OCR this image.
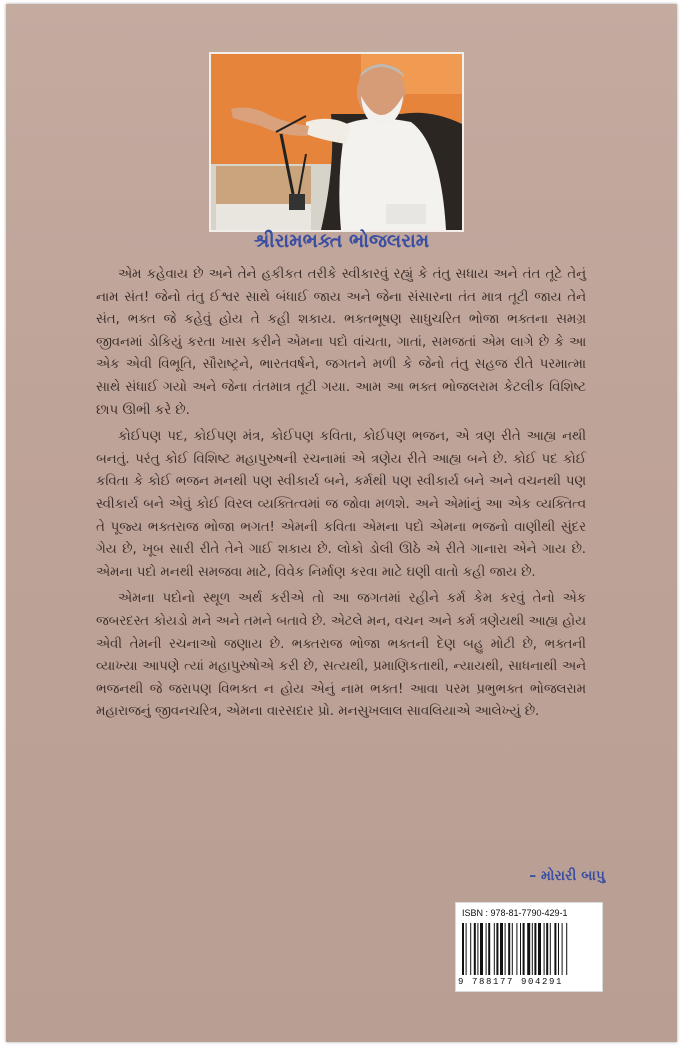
શ્રીરામભક્ત ભોજલરામ

એમ કહેવાય છે અને તેને હકીકત તરીકે સ્વીકારવું રહ્યું કે તંતુ સધાય અને તંત તૂટે તેનું નામ સંત! જેનો તંતુ ઈશ્વર સાથે બંધાઈ જાય અને જેના સંસારના તંત માત્ર તૂટી જાય તેને સંત, ભક્ત જે કહેવું હોય તે કહી શકાય. ભક્તભૂષણ સાધુચરિત ભોજા ભક્તના સમગ્ર જીવનમાં ડોકિયું કરતા ખાસ કરીને એમના પદો વાંચતા, ગાતાં, સમજતાં એમ લાગે છે કે આ એક એવી વિભૂતિ, સૌરાષ્ટ્રને, ભારતવર્ષને, જગતને મળી કે જેનો તંતુ સહજ રીતે પરમાત્મા સાથે સંધાઈ ગયો અને જેના તંતમાત્ર તૂટી ગયા. આમ આ ભક્ત ભોજલરામ કેટલીક વિશિષ્ટ છાપ ઊભી કરે છે.

કોઈપણ પદ, કોઈપણ મંત્ર, કોઈપણ કવિતા, કોઈપણ ભજન, એ ત્રણ રીતે આહ્ય નથી બનતું. પરંતુ કોઈ વિશિષ્ટ મહાપુરુષની રચનામાં એ ત્રણેય રીતે આહ્ય બને છે. કોઈ પદ કોઈ કવિતા કે કોઈ ભજન મનથી પણ સ્વીકાર્ય બને, કર્મથી પણ સ્વીકાર્ય બને અને વચનથી પણ સ્વીકાર્ય બને એવું કોઈ વિરલ વ્યક્તિત્વમાં જ જોવા મળશે. અને એમાંનું આ એક વ્યક્તિત્વ તે પૂજ્ય ભક્તરાજ ભોજા ભગત! એમની કવિતા એમના પદો એમના ભજનો વાણીથી સુંદર ગેય છે, ખૂબ સારી રીતે તેને ગાઈ શકાય છે. લોકો ડોલી ઊઠે એ રીતે ગાનારા એને ગાય છે. એમના પદો મનથી સમજવા માટે, વિવેક નિર્માણ કરવા માટે ઘણી વાતો કહી જાય છે.

એમના પદોનો સ્થૂળ અર્થ કરીએ તો આ જગતમાં રહીને કર્મ કેમ કરવું તેનો એક જબરદસ્ત કોયડો મને અને તમને બતાવે છે. એટલે મન, વચન અને કર્મ ત્રણેયથી આહ્ય હોય એવી તેમની રચનાઓ જણાય છે. ભક્તરાજ ભોજા ભક્તની દેણ બહુ મોટી છે, ભક્તની વ્યાખ્યા આપણે ત્યાં મહાપુરુષોએ કરી છે, સત્યથી, પ્રમાણિકતાથી, ન્યાયથી, સાધનાથી અને ભજનથી જે જરાપણ વિભક્ત ન હોય એનું નામ ભક્ત! આવા પરમ પ્રભુભક્ત ભોજલરામ મહારાજનું જીવનચરિત્ર, એમના વારસદાર પ્રો. મનસુખલાલ સાવલિયાએ આલેખ્યું છે.

– મોરારી બાપુ
ISBN : 978-81-7790-429-1
9 788177 904291
